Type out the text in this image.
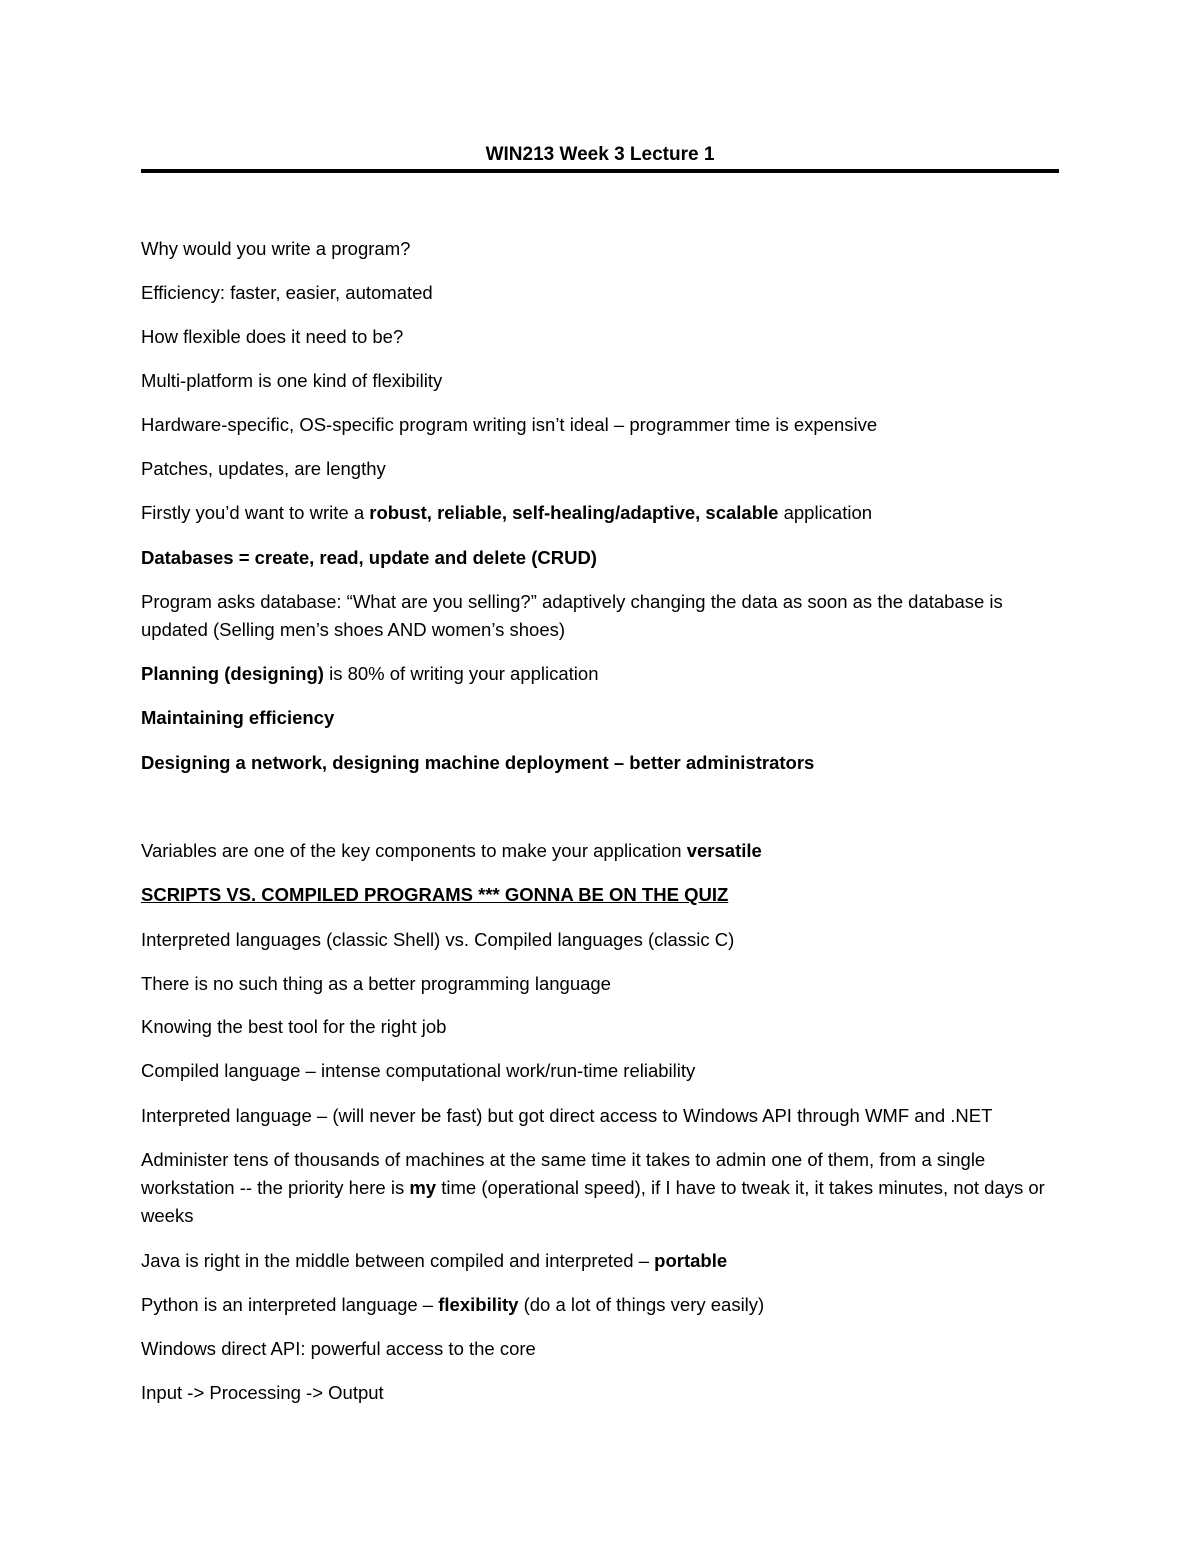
WIN213 Week 3 Lecture 1
Why would you write a program?
Efficiency: faster, easier, automated
How flexible does it need to be?
Multi-platform is one kind of flexibility
Hardware-specific, OS-specific program writing isn’t ideal – programmer time is expensive
Patches, updates, are lengthy
Firstly you’d want to write a robust, reliable, self-healing/adaptive, scalable application
Databases = create, read, update and delete (CRUD)
Program asks database: “What are you selling?” adaptively changing the data as soon as the database is updated (Selling men’s shoes AND women’s shoes)
Planning (designing) is 80% of writing your application
Maintaining efficiency
Designing a network, designing machine deployment – better administrators
Variables are one of the key components to make your application versatile
SCRIPTS VS. COMPILED PROGRAMS *** GONNA BE ON THE QUIZ
Interpreted languages (classic Shell) vs. Compiled languages (classic C)
There is no such thing as a better programming language
Knowing the best tool for the right job
Compiled language – intense computational work/run-time reliability
Interpreted language – (will never be fast) but got direct access to Windows API through WMF and .NET
Administer tens of thousands of machines at the same time it takes to admin one of them, from a single workstation -- the priority here is my time (operational speed), if I have to tweak it, it takes minutes, not days or weeks
Java is right in the middle between compiled and interpreted – portable
Python is an interpreted language – flexibility (do a lot of things very easily)
Windows direct API: powerful access to the core
Input -> Processing -> Output
